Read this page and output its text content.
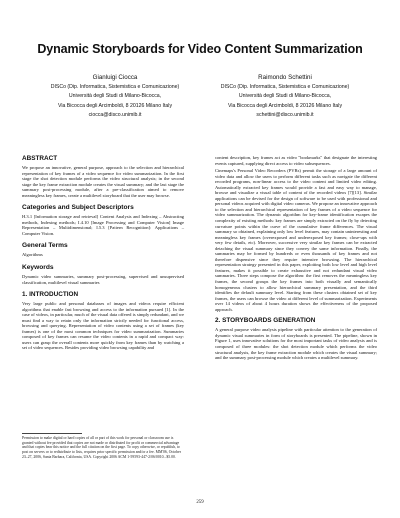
Dynamic Storyboards for Video Content Summarization
Gianluigi Ciocca
DISCo (Dip. Informatica, Sistemistica e Comunicazione)
Università degli Studi di Milano-Bicocca,
Via Bicocca degli Arcimboldi, 8 20126 Milano Italy
ciocca@disco.unimib.it
Raimondo Schettini
DISCo (Dip. Informatica, Sistemistica e Comunicazione)
Università degli Studi di Milano-Bicocca,
Via Bicocca degli Arcimboldi, 8 20126 Milano Italy
schettini@disco.unimib.it
ABSTRACT

We propose an innovative, general purpose, approach to the selection and hierarchical representation of key frames of a video sequence for video summarization. In the first stage the shot detection module performs the video structural analysis; in the second stage the key frame extraction module creates the visual summary; and the last stage the summary post-processing module, after a pre-classification aimed to remove meaningless key frames, create a multilevel storyboard that the user may browse.

Categories and Subject Descriptors

H.3.1 [Information storage and retrieval] Content Analysis and Indexing – Abstracting methods, Indexing methods; I.4.10 [Image Processing and Computer Vision] Image Representation – Multidimensional; I.5.3 [Pattern Recognition]: Applications – Computer Vision.

General Terms

Algorithms

Keywords

Dynamic video summaries, summary post-processing, supervised and unsupervised classification, multilevel visual summaries

1. INTRODUCTION

Very large public and personal databases of images and videos require efficient algorithms that enable fast browsing and access to the information pursued [1]. In the case of videos, in particular, much of the visual data offered is simply redundant, and we must find a way to retain only the information strictly needed for functional access, browsing and querying. Representation of video contents using a set of frames (key frames) is one of the most common techniques for video summarization. Summaries composed of key frames can resume the video contents in a rapid and compact way: users can grasp the overall contents more quickly from key frames than by watching a set of video sequences. Besides providing video browsing capability and

Permission to make digital or hard copies of all or part of this work for personal or classroom use is granted without fee provided that copies are not made or distributed for profit or commercial advantage and that copies bear this notice and the full citation on the first page. To copy otherwise, or republish, to post on servers or to redistribute to lists, requires prior specific permission and/or a fee. MM'06, October 23–27, 2006, Santa Barbara, California, USA. Copyright 2006 ACM 1-59593-447-2/06/0010...$5.00.

content description, key frames act as video "bookmarks" that designate the interesting events captured, supplying direct access to video subsequences.

Cinemaps's Personal Video Recorders (PVRs) permit the storage of a large amount of video data and allow the users to perform different tasks such as navigate the different recorded programs, non-linear access to the video content and limited video editing. Automatically extracted key frames would provide a fast and easy way to manage, browse and visualize a visual table of content of the recorded videos [7][13]. Similar applications can be devised for the design of software to be used with professional and personal videos acquired with digital video cameras. We propose an innovative approach to the selection and hierarchical representation of key frames of a video sequence for video summarization. The dynamic algorithm for key-frame identification escapes the complexity of existing methods: key frames are simply extracted on the fly by detecting curvature points within the curve of the cumulative frame differences. The visual summary so obtained, explaining only low level features, may contain uninteresting and meaningless key frames (overexposed and underexposed key frames; close-ups with very few details, etc). Moreover, successive very similar key frames can be extracted detaching the visual summary since they convey the same information. Finally, the summaries may be formed by hundreds or even thousands of key frames and not therefore dispensive since they require intensive browsing. The hierarchical representation strategy presented in this paper, exploiting both low level and high level features, makes it possible to create exhaustive and not redundant visual video summaries. Three steps compose the algorithm: the first removes the meaningless key frames, the second groups the key frames into both visually and semantically homogeneous clusters to allow hierarchical summary presentation, and the third identifies the default summary level. Starting from these clusters obtained set of key frames, the users can browse the video at different level of summarization. Experiments over 14 videos of about 4 hours duration shows the effectiveness of the proposed approach.

2. STORYBOARDS GENERATION

A general purpose video analysis pipeline with particular attention to the generation of dynamic visual summaries in form of storyboards is presented. The pipeline, shown in Figure 1, uses innovative solutions for the most important tasks of video analysis and is composed of three modules: the shot detection module which performs the video structural analysis, the key frame extraction module which creates the visual summary; and the summary post-processing module which creates a multilevel summary.

259
